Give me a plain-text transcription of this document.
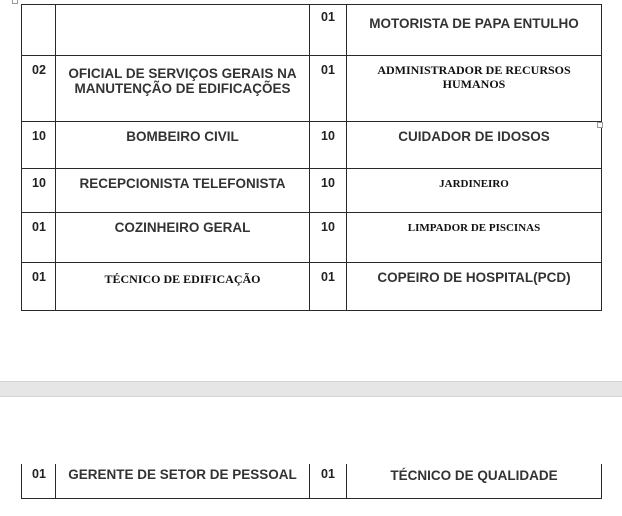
		01	MOTORISTA DE PAPA ENTULHO
02	OFICIAL DE SERVIÇOS GERAIS NA MANUTENÇÃO DE EDIFICAÇÕES	01	ADMINISTRADOR DE RECURSOS HUMANOS
10	BOMBEIRO CIVIL	10	CUIDADOR DE IDOSOS
10	RECEPCIONISTA TELEFONISTA	10	JARDINEIRO
01	COZINHEIRO GERAL	10	LIMPADOR DE PISCINAS
01	TÉCNICO DE EDIFICAÇÃO	01	COPEIRO DE HOSPITAL(PCD)
01	GERENTE DE SETOR DE PESSOAL	01	TÉCNICO DE QUALIDADE
